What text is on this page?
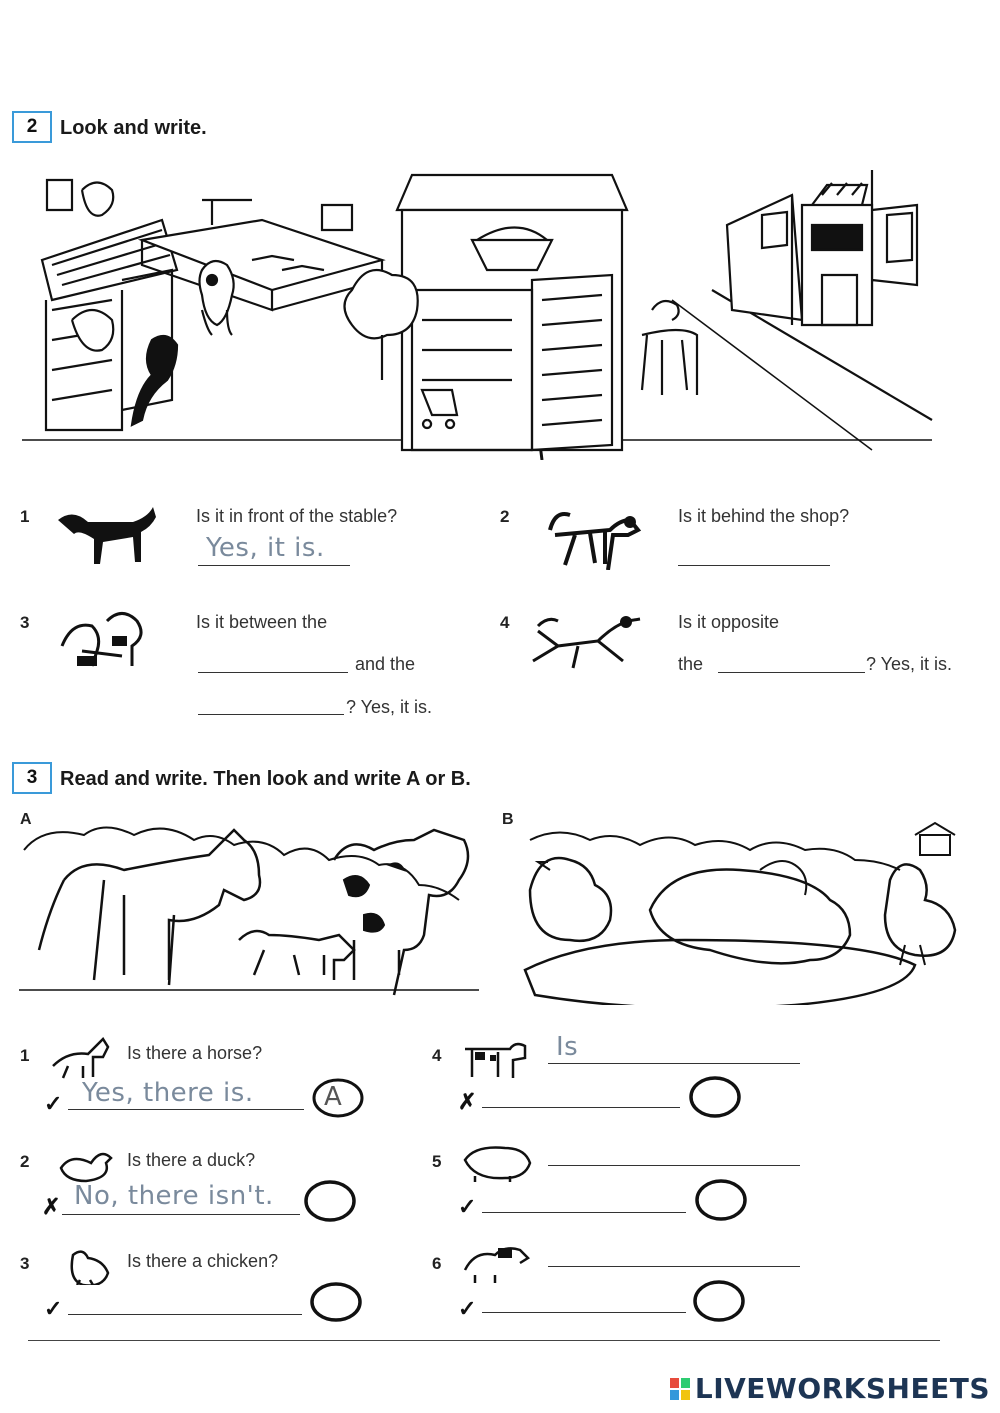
2 Look and write.
1	Is it in front of the stable?
Yes, it is.
2	Is it behind the shop?
3	Is it between the
and the
? Yes, it is.
4	Is it opposite
the	? Yes, it is.
3 Read and write. Then look and write A or B.
A	B
1	Is there a horse?
✓ Yes, there is.	A
2	Is there a duck?
✗ No, there isn't.
3	Is there a chicken?
✓
4	Is
✗
5
✓
6
✓
LIVEWORKSHEETS
